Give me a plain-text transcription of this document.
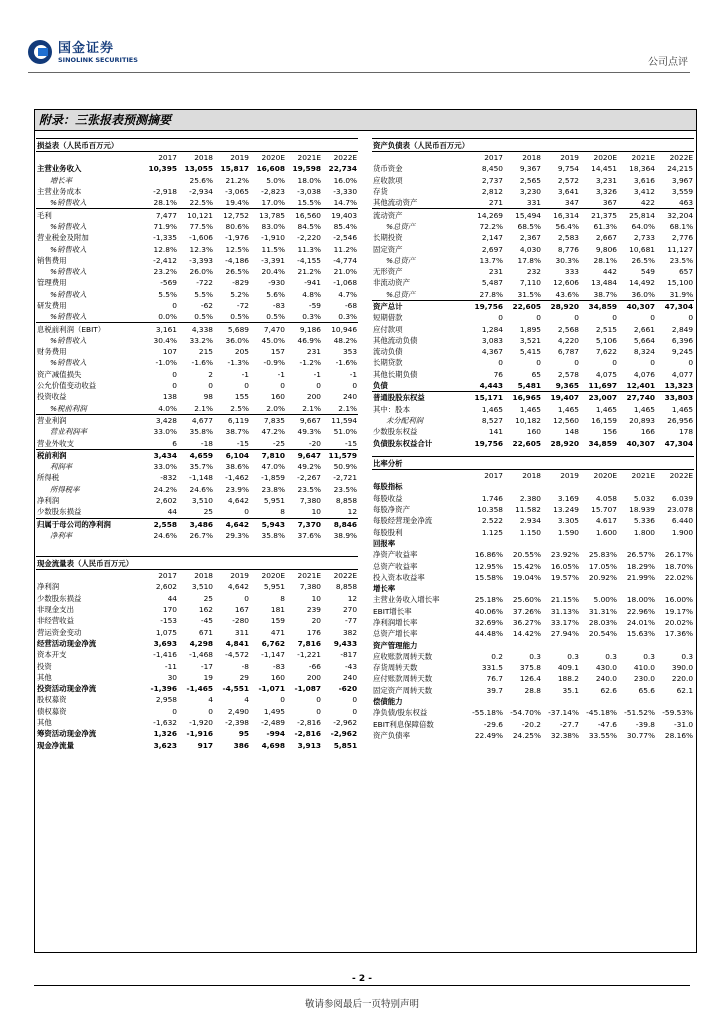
国金证券
SINOLINK SECURITIES	公司点评
附录：三张报表预测摘要
损益表（人民币百万元）						
	2017	2018	2019	2020E	2021E	2022E
主营业务收入	10,395	13,055	15,817	16,608	19,598	22,734
增长率		25.6%	21.2%	5.0%	18.0%	16.0%
主营业务成本	-2,918	-2,934	-3,065	-2,823	-3,038	-3,330
%销售收入	28.1%	22.5%	19.4%	17.0%	15.5%	14.7%
毛利	7,477	10,121	12,752	13,785	16,560	19,403
%销售收入	71.9%	77.5%	80.6%	83.0%	84.5%	85.4%
营业税金及附加	-1,335	-1,606	-1,976	-1,910	-2,220	-2,546
%销售收入	12.8%	12.3%	12.5%	11.5%	11.3%	11.2%
销售费用	-2,412	-3,393	-4,186	-3,391	-4,155	-4,774
%销售收入	23.2%	26.0%	26.5%	20.4%	21.2%	21.0%
管理费用	-569	-722	-829	-930	-941	-1,068
%销售收入	5.5%	5.5%	5.2%	5.6%	4.8%	4.7%
研发费用	0	-62	-72	-83	-59	-68
%销售收入	0.0%	0.5%	0.5%	0.5%	0.3%	0.3%
息税前利润（EBIT）	3,161	4,338	5,689	7,470	9,186	10,946
%销售收入	30.4%	33.2%	36.0%	45.0%	46.9%	48.2%
财务费用	107	215	205	157	231	353
%销售收入	-1.0%	-1.6%	-1.3%	-0.9%	-1.2%	-1.6%
资产减值损失	0	2	-1	-1	-1	-1
公允价值变动收益	0	0	0	0	0	0
投资收益	138	98	155	160	200	240
%税前利润	4.0%	2.1%	2.5%	2.0%	2.1%	2.1%
营业利润	3,428	4,677	6,119	7,835	9,667	11,594
营业利润率	33.0%	35.8%	38.7%	47.2%	49.3%	51.0%
营业外收支	6	-18	-15	-25	-20	-15
税前利润	3,434	4,659	6,104	7,810	9,647	11,579
利润率	33.0%	35.7%	38.6%	47.0%	49.2%	50.9%
所得税	-832	-1,148	-1,462	-1,859	-2,267	-2,721
所得税率	24.2%	24.6%	23.9%	23.8%	23.5%	23.5%
净利润	2,602	3,510	4,642	5,951	7,380	8,858
少数股东损益	44	25	0	8	10	12
归属于母公司的净利润	2,558	3,486	4,642	5,943	7,370	8,846
净利率	24.6%	26.7%	29.3%	35.8%	37.6%	38.9%
资产负债表（人民币百万元）						
	2017	2018	2019	2020E	2021E	2022E
货币资金	8,450	9,367	9,754	14,451	18,364	24,215
应收款项	2,737	2,565	2,572	3,231	3,616	3,967
存货	2,812	3,230	3,641	3,326	3,412	3,559
其他流动资产	271	331	347	367	422	463
流动资产	14,269	15,494	16,314	21,375	25,814	32,204
%总资产	72.2%	68.5%	56.4%	61.3%	64.0%	68.1%
长期投资	2,147	2,367	2,583	2,667	2,733	2,776
固定资产	2,697	4,030	8,776	9,806	10,681	11,127
%总资产	13.7%	17.8%	30.3%	28.1%	26.5%	23.5%
无形资产	231	232	333	442	549	657
非流动资产	5,487	7,110	12,606	13,484	14,492	15,100
%总资产	27.8%	31.5%	43.6%	38.7%	36.0%	31.9%
资产总计	19,756	22,605	28,920	34,859	40,307	47,304
短期借款	0	0	0	0	0	0
应付款项	1,284	1,895	2,568	2,515	2,661	2,849
其他流动负债	3,083	3,521	4,220	5,106	5,664	6,396
流动负债	4,367	5,415	6,787	7,622	8,324	9,245
长期贷款	0	0	0	0	0	0
其他长期负债	76	65	2,578	4,075	4,076	4,077
负债	4,443	5,481	9,365	11,697	12,401	13,323
普通股股东权益	15,171	16,965	19,407	23,007	27,740	33,803
其中：股本	1,465	1,465	1,465	1,465	1,465	1,465
未分配利润	8,527	10,182	12,560	16,159	20,893	26,956
少数股东权益	141	160	148	156	166	178
负债股东权益合计	19,756	22,605	28,920	34,859	40,307	47,304
比率分析						
	2017	2018	2019	2020E	2021E	2022E
每股指标						
每股收益	1.746	2.380	3.169	4.058	5.032	6.039
每股净资产	10.358	11.582	13.249	15.707	18.939	23.078
每股经营现金净流	2.522	2.934	3.305	4.617	5.336	6.440
每股股利	1.125	1.150	1.590	1.600	1.800	1.900
回报率						
净资产收益率	16.86%	20.55%	23.92%	25.83%	26.57%	26.17%
总资产收益率	12.95%	15.42%	16.05%	17.05%	18.29%	18.70%
投入资本收益率	15.58%	19.04%	19.57%	20.92%	21.99%	22.02%
增长率						
主营业务收入增长率	25.18%	25.60%	21.15%	5.00%	18.00%	16.00%
EBIT增长率	40.06%	37.26%	31.13%	31.31%	22.96%	19.17%
净利润增长率	32.69%	36.27%	33.17%	28.03%	24.01%	20.02%
总资产增长率	44.48%	14.42%	27.94%	20.54%	15.63%	17.36%
资产管理能力						
应收账款周转天数	0.2	0.3	0.3	0.3	0.3	0.3
存货周转天数	331.5	375.8	409.1	430.0	410.0	390.0
应付账款周转天数	76.7	126.4	188.2	240.0	230.0	220.0
固定资产周转天数	39.7	28.8	35.1	62.6	65.6	62.1
偿债能力						
净负债/股东权益	-55.18%	-54.70%	-37.14%	-45.18%	-51.52%	-59.53%
EBIT利息保障倍数	-29.6	-20.2	-27.7	-47.6	-39.8	-31.0
资产负债率	22.49%	24.25%	32.38%	33.55%	30.77%	28.16%
现金流量表（人民币百万元）						
	2017	2018	2019	2020E	2021E	2022E
净利润	2,602	3,510	4,642	5,951	7,380	8,858
少数股东损益	44	25	0	8	10	12
非现金支出	170	162	167	181	239	270
非经营收益	-153	-45	-280	159	20	-77
营运资金变动	1,075	671	311	471	176	382
经营活动现金净流	3,693	4,298	4,841	6,762	7,816	9,433
资本开支	-1,416	-1,468	-4,572	-1,147	-1,221	-817
投资	-11	-17	-8	-83	-66	-43
其他	30	19	29	160	200	240
投资活动现金净流	-1,396	-1,465	-4,551	-1,071	-1,087	-620
股权募资	2,958	4	4	0	0	0
债权募资	0	0	2,490	1,495	0	0
其他	-1,632	-1,920	-2,398	-2,489	-2,816	-2,962
筹资活动现金净流	1,326	-1,916	95	-994	-2,816	-2,962
现金净流量	3,623	917	386	4,698	3,913	5,851
- 2 -
敬请参阅最后一页特别声明
